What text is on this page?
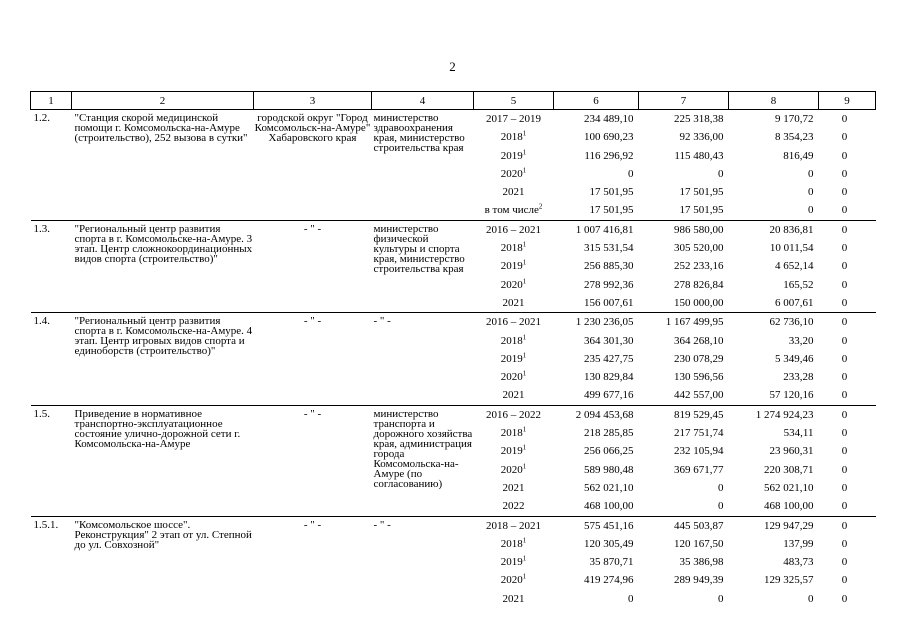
2
1	2	3	4	5	6	7	8	9
1.2.	"Станция скорой медицинской помощи г. Комсомольска-на-Амуре (строительство), 252 вызова в сутки"	городской округ "Город Комсомольск-на-Амуре" Хабаровского края	министерство здравоохранения края, министерство строительства края	2017 – 2019	234 489,10	225 318,38	9 170,72	0
				2018$^1$	100 690,23	92 336,00	8 354,23	0
				2019$^1$	116 296,92	115 480,43	816,49	0
				2020$^1$	0	0	0	0
				2021	17 501,95	17 501,95	0	0
				в том числе$^2$	17 501,95	17 501,95	0	0
1.3.	"Региональный центр развития спорта в г. Комсомольске-на-Амуре. 3 этап. Центр сложнокоординационных видов спорта (строительство)"	- " -	министерство физической культуры и спорта края, министерство строительства края	2016 – 2021	1 007 416,81	986 580,00	20 836,81	0
				2018$^1$	315 531,54	305 520,00	10 011,54	0
				2019$^1$	256 885,30	252 233,16	4 652,14	0
				2020$^1$	278 992,36	278 826,84	165,52	0
				2021	156 007,61	150 000,00	6 007,61	0
1.4.	"Региональный центр развития спорта в г. Комсомольске-на-Амуре. 4 этап. Центр игровых видов спорта и единоборств (строительство)"	- " -	- " -	2016 – 2021	1 230 236,05	1 167 499,95	62 736,10	0
				2018$^1$	364 301,30	364 268,10	33,20	0
				2019$^1$	235 427,75	230 078,29	5 349,46	0
				2020$^1$	130 829,84	130 596,56	233,28	0
				2021	499 677,16	442 557,00	57 120,16	0
1.5.	Приведение в нормативное транспортно-эксплуатационное состояние улично-дорожной сети г. Комсомольска-на-Амуре	- " -	министерство транспорта и дорожного хозяйства края, администрация города Комсомольска-на-Амуре (по согласованию)	2016 – 2022	2 094 453,68	819 529,45	1 274 924,23	0
				2018$^1$	218 285,85	217 751,74	534,11	0
				2019$^1$	256 066,25	232 105,94	23 960,31	0
				2020$^1$	589 980,48	369 671,77	220 308,71	0
				2021	562 021,10	0	562 021,10	0
				2022	468 100,00	0	468 100,00	0
1.5.1.	"Комсомольское шоссе". Реконструкция" 2 этап от ул. Степной до ул. Совхозной"	- " -	- " -	2018 – 2021	575 451,16	445 503,87	129 947,29	0
				2018$^1$	120 305,49	120 167,50	137,99	0
				2019$^1$	35 870,71	35 386,98	483,73	0
				2020$^1$	419 274,96	289 949,39	129 325,57	0
				2021	0	0	0	0
